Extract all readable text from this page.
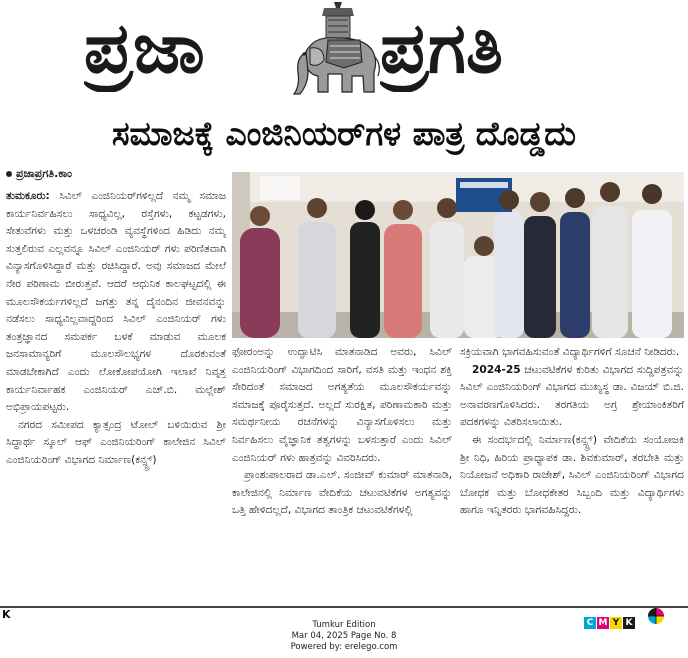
ಪ್ರಜಾ	ಪ್ರಗತಿ
ಸಮಾಜಕ್ಕೆ ಎಂಜಿನಿಯರ್‌ಗಳ ಪಾತ್ರ ದೊಡ್ಡದು
ಪ್ರಜಾಪ್ರಗತಿ.ಕಾಂ

ತುಮಕೂರು: ಸಿವಿಲ್ ಎಂಜಿನಿಯರ್‌ಗಳಿಲ್ಲದೆ ನಮ್ಮ ಸಮಾಜ ಕಾರ್ಯನಿರ್ವಹಿಸಲು ಸಾಧ್ಯವಿಲ್ಲ, ರಸ್ತೆಗಳು, ಕಟ್ಟಡಗಳು, ಸೇತುವೆಗಳು ಮತ್ತು ಒಳಚರಂಡಿ ವ್ಯವಸ್ಥೆಗಳಿಂದ ಹಿಡಿದು ನಮ್ಮ ಸುತ್ತಲಿರುವ ಎಲ್ಲವನ್ನೂ ಸಿವಿಲ್ ಎಂಜಿನಿಯರ್ ಗಳು ಪರಿಣಿತವಾಗಿ ವಿನ್ಯಾಸಗೊಳಿಸಿದ್ದಾರೆ ಮತ್ತು ರಚಿಸಿದ್ದಾರೆ. ಅವು ಸಮಾಜದ ಮೇಲೆ ನೇರ ಪರಿಣಾಮ ಬೀರುತ್ತವೆ. ಆದರೆ ಆಧುನಿಕ ಕಾಲಘಟ್ಟದಲ್ಲಿ ಈ ಮೂಲಸೌಕರ್ಯಗಳಿಲ್ಲದೆ ಜಗತ್ತು ತನ್ನ ದೈನಂದಿನ ಜೀವನವನ್ನು ನಡೆಸಲು ಸಾಧ್ಯವಿಲ್ಲವಾದ್ದರಿಂದ ಸಿವಿಲ್ ಎಂಜಿನಿಯರ್ ಗಳು ತಂತ್ರಜ್ಞಾನದ ಸಮಪರ್ಕ ಬಳಕೆ ಮಾಡುವ ಮೂಲಕ ಜನಸಾಮಾನ್ಯರಿಗೆ ಮೂಲಸೌಲಭ್ಯಗಳ ದೊರಕುವಂತೆ ಮಾಡಬೇಕಾಗಿದೆ ಎಂದು ಲೋಕೋಪಯೋಗಿ ಇಲಾಖೆ ನಿವೃತ್ತ ಕಾರ್ಯನಿರ್ವಾಹಕ ಎಂಜಿನಿಯರ್ ಎಚ್.ಬಿ. ಮಲ್ಲೇಶ್ ಅಭಿಪ್ರಾಯಪಟ್ಟರು.

ನಗರದ ಸಮೀಪದ ಕ್ಯಾತ್ಸಂದ್ರ ಟೋಲ್ ಬಳಿಯಿರುವ ಶ್ರೀ ಸಿದ್ಧಾರ್ಥ ಸ್ಕೂಲ್ ಆಫ್ ಎಂಜಿನಿಯರಿಂಗ್ ಕಾಲೇಜಿನ ಸಿವಿಲ್ ಎಂಜಿನಿಯರಿಂಗ್ ವಿಭಾಗದ ನಿರ್ಮಾಣ(ಕನ್ಸ್ಟ್ರ್)

ಫೋರಂಅನ್ನು ಉದ್ಘಾಟಿಸಿ ಮಾತನಾಡಿದ ಅವರು, ಸಿವಿಲ್ ಎಂಜಿನಿಯರಿಂಗ್ ವಿಭಾಗದಿಂದ ಸಾರಿಗೆ, ವಸತಿ ಮತ್ತು ಇಂಧನ ಶಕ್ತಿ ಸೇರಿದಂತೆ ಸಮಾಜದ ಅಗತ್ಯತೆಯ ಮೂಲಸೌಕರ್ಯವನ್ನು ಸಮಾಜಕ್ಕೆ ಪೂರೈಸುತ್ತದೆ. ಅಲ್ಲದೆ ಸುರಕ್ಷಿತ, ಪರಿಣಾಮಕಾರಿ ಮತ್ತು ಸಮರ್ಥನೀಯ ರಚನೆಗಳನ್ನು ವಿನ್ಯಾಸಗೊಳಿಸಲು ಮತ್ತು ನಿರ್ವಹಿಸಲು ವೈಜ್ಞಾನಿಕ ತತ್ವಗಳನ್ನು ಬಳಸುತ್ತಾರೆ ಎಂದು ಸಿವಿಲ್ ಎಂಜಿನಿಯರ್ ಗಳು ಹಾತ್ರವನ್ನು ವಿವರಿಸಿದರು.

ಪ್ರಾಂಶುಪಾಲರಾದ ಡಾ.ಎಲ್. ಸಂಜೀವ್ ಕುಮಾರ್ ಮಾತನಾಡಿ, ಕಾಲೇಜಿನಲ್ಲಿ ನಿರ್ಮಾಣ ವೇದಿಕೆಯ ಚಟುವಟಿಕೆಗಳ ಅಗತ್ಯವನ್ನು ಒತ್ತಿ ಹೇಳಿದಲ್ಲದೆ, ವಿಭಾಗದ ತಾಂತ್ರಿಕ ಚಟುವಟಿಕೆಗಳಲ್ಲಿ

ಸಕ್ರಿಯವಾಗಿ ಭಾಗವಹಿಸುವಂತೆ ವಿದ್ಯಾರ್ಥಿಗಳಿಗೆ ಸೂಚನೆ ನೀಡಿದರು.

2024-25 ಚಟುವಟಿಕೆಗಳ ಕುರಿತು ವಿಭಾಗದ ಸುದ್ದಿಪತ್ರವನ್ನು ಸಿವಿಲ್ ಎಂಜಿನಿಯರಿಂಗ್ ವಿಭಾಗದ ಮುಖ್ಯಸ್ಥ ಡಾ. ವಿಜಯ್ ಬಿ.ಜಿ. ಅನಾವರಣಗೊಳಿಸಿದರು. ತರಗತಿಯ ಅಗ್ರ ಶ್ರೇಯಾಂಕಿತರಿಗೆ ಪದಕಗಳನ್ನು ವಿತರಿಸಲಾಯಿತು.

ಈ ಸಂದರ್ಭದಲ್ಲಿ ನಿರ್ಮಾಣ(ಕನ್ಸ್ಟ್ರ್) ವೇದಿಕೆಯ ಸಂಯೋಜಕಿ ಶ್ರೀ ನಿಧಿ, ಹಿರಿಯ ಪ್ರಾಧ್ಯಾಪಕ ಡಾ. ಶಿವಕುಮಾರ್, ತರಬೇತಿ ಮತ್ತು ನಿಯೋಜನೆ ಅಧಿಕಾರಿ ರಾಜೇಶ್, ಸಿವಿಲ್ ಎಂಜಿನಿಯರಿಂಗ್ ವಿಭಾಗದ ಬೋಧಕ ಮತ್ತು ಬೋಧಕೇತರ ಸಿಬ್ಬಂದಿ ಮತ್ತು ವಿದ್ಯಾರ್ಥಿಗಳು ಹಾಗೂ ಇನ್ನಿತರರು ಭಾಗವಹಿಸಿದ್ದರು.

K
C M Y K
Tumkur Edition
Mar 04, 2025 Page No. 8
Powered by: erelego.com
